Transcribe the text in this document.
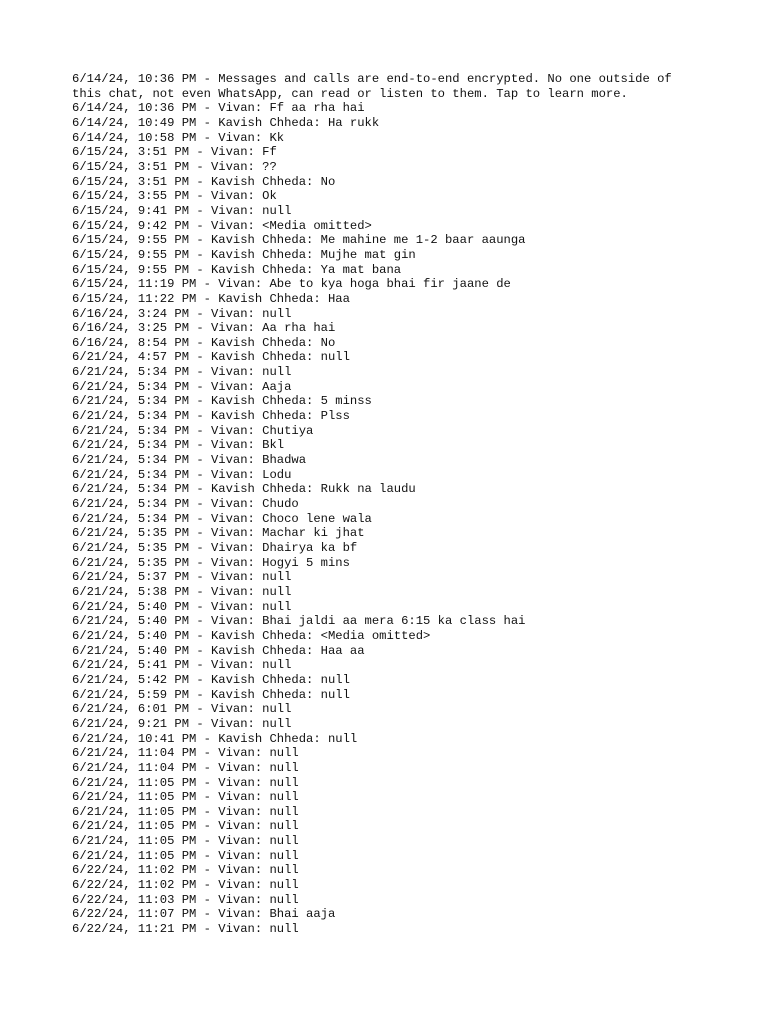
6/14/24, 10:36 PM - Messages and calls are end-to-end encrypted. No one outside of
this chat, not even WhatsApp, can read or listen to them. Tap to learn more.
6/14/24, 10:36 PM - Vivan: Ff aa rha hai
6/14/24, 10:49 PM - Kavish Chheda: Ha rukk
6/14/24, 10:58 PM - Vivan: Kk
6/15/24, 3:51 PM - Vivan: Ff
6/15/24, 3:51 PM - Vivan: ??
6/15/24, 3:51 PM - Kavish Chheda: No
6/15/24, 3:55 PM - Vivan: Ok
6/15/24, 9:41 PM - Vivan: null
6/15/24, 9:42 PM - Vivan: <Media omitted>
6/15/24, 9:55 PM - Kavish Chheda: Me mahine me 1-2 baar aaunga
6/15/24, 9:55 PM - Kavish Chheda: Mujhe mat gin
6/15/24, 9:55 PM - Kavish Chheda: Ya mat bana
6/15/24, 11:19 PM - Vivan: Abe to kya hoga bhai fir jaane de
6/15/24, 11:22 PM - Kavish Chheda: Haa
6/16/24, 3:24 PM - Vivan: null
6/16/24, 3:25 PM - Vivan: Aa rha hai
6/16/24, 8:54 PM - Kavish Chheda: No
6/21/24, 4:57 PM - Kavish Chheda: null
6/21/24, 5:34 PM - Vivan: null
6/21/24, 5:34 PM - Vivan: Aaja
6/21/24, 5:34 PM - Kavish Chheda: 5 minss
6/21/24, 5:34 PM - Kavish Chheda: Plss
6/21/24, 5:34 PM - Vivan: Chutiya
6/21/24, 5:34 PM - Vivan: Bkl
6/21/24, 5:34 PM - Vivan: Bhadwa
6/21/24, 5:34 PM - Vivan: Lodu
6/21/24, 5:34 PM - Kavish Chheda: Rukk na laudu
6/21/24, 5:34 PM - Vivan: Chudo
6/21/24, 5:34 PM - Vivan: Choco lene wala
6/21/24, 5:35 PM - Vivan: Machar ki jhat
6/21/24, 5:35 PM - Vivan: Dhairya ka bf
6/21/24, 5:35 PM - Vivan: Hogyi 5 mins
6/21/24, 5:37 PM - Vivan: null
6/21/24, 5:38 PM - Vivan: null
6/21/24, 5:40 PM - Vivan: null
6/21/24, 5:40 PM - Vivan: Bhai jaldi aa mera 6:15 ka class hai
6/21/24, 5:40 PM - Kavish Chheda: <Media omitted>
6/21/24, 5:40 PM - Kavish Chheda: Haa aa
6/21/24, 5:41 PM - Vivan: null
6/21/24, 5:42 PM - Kavish Chheda: null
6/21/24, 5:59 PM - Kavish Chheda: null
6/21/24, 6:01 PM - Vivan: null
6/21/24, 9:21 PM - Vivan: null
6/21/24, 10:41 PM - Kavish Chheda: null
6/21/24, 11:04 PM - Vivan: null
6/21/24, 11:04 PM - Vivan: null
6/21/24, 11:05 PM - Vivan: null
6/21/24, 11:05 PM - Vivan: null
6/21/24, 11:05 PM - Vivan: null
6/21/24, 11:05 PM - Vivan: null
6/21/24, 11:05 PM - Vivan: null
6/21/24, 11:05 PM - Vivan: null
6/22/24, 11:02 PM - Vivan: null
6/22/24, 11:02 PM - Vivan: null
6/22/24, 11:03 PM - Vivan: null
6/22/24, 11:07 PM - Vivan: Bhai aaja
6/22/24, 11:21 PM - Vivan: null
